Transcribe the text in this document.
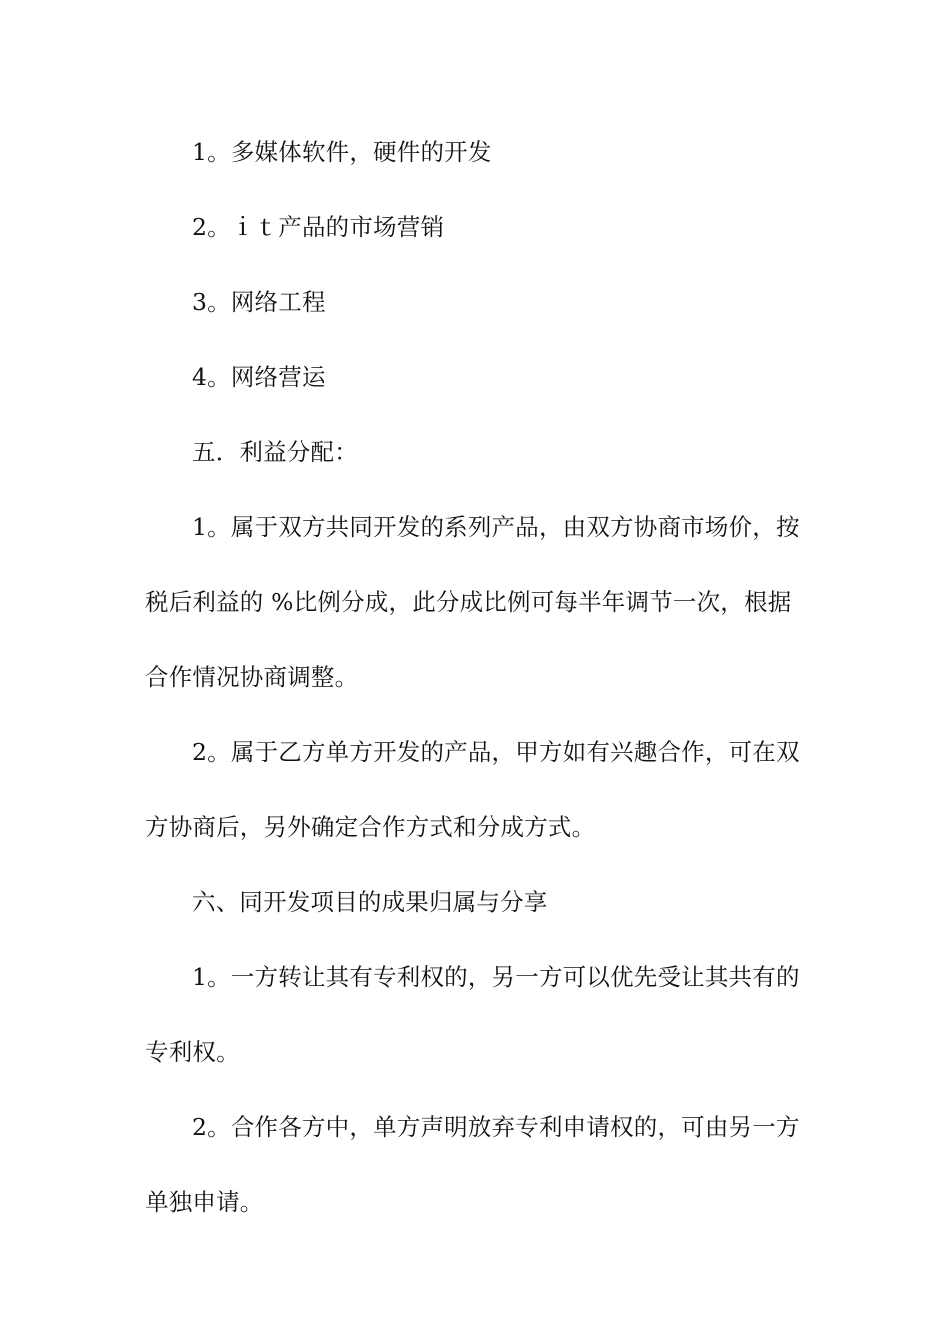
1。多媒体软件，硬件的开发
2。ｉｔ产品的市场营销
3。网络工程
4。网络营运
五．利益分配：
1。属于双方共同开发的系列产品，由双方协商市场价，按
税后利益的 %比例分成，此分成比例可每半年调节一次，根据
合作情况协商调整。
2。属于乙方单方开发的产品，甲方如有兴趣合作，可在双
方协商后，另外确定合作方式和分成方式。
六、同开发项目的成果归属与分享
1。一方转让其有专利权的，另一方可以优先受让其共有的
专利权。
2。合作各方中，单方声明放弃专利申请权的，可由另一方
单独申请。
